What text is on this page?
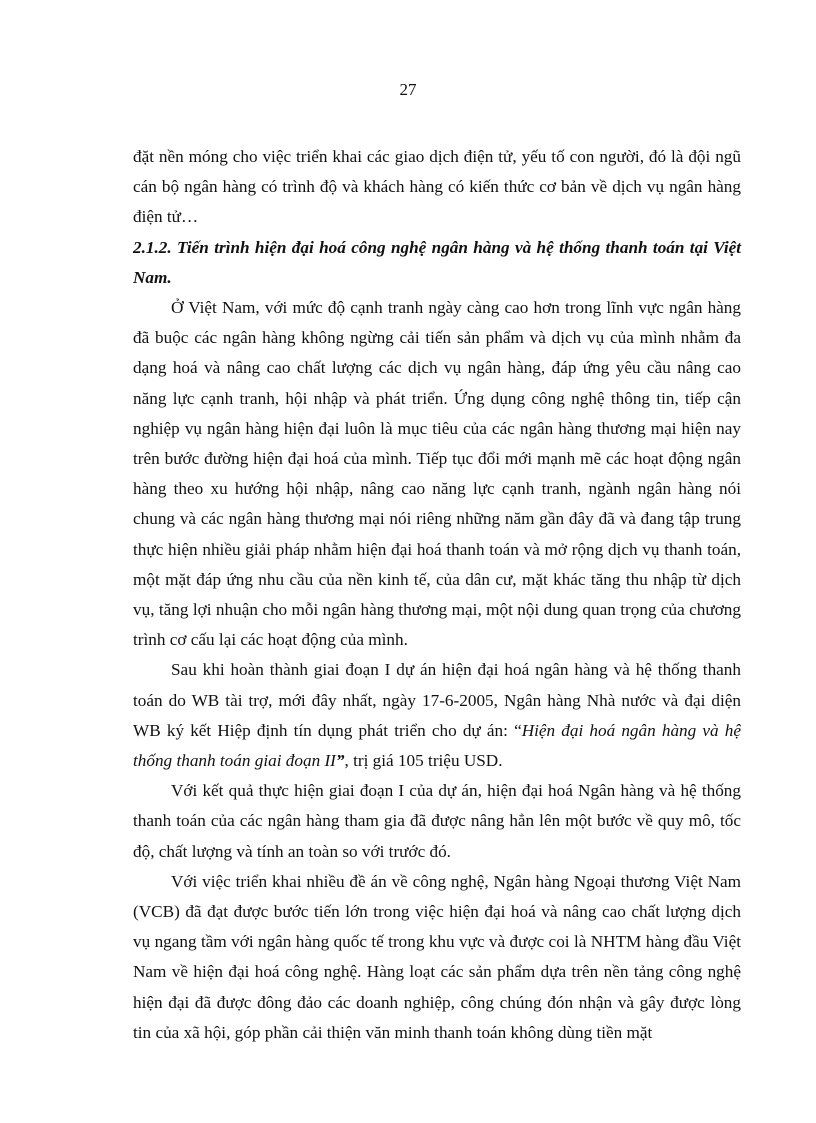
27

đặt nền móng cho việc triển khai các giao dịch điện tử, yếu tố con người, đó là đội ngũ cán bộ ngân hàng có trình độ và khách hàng có kiến thức cơ bản về dịch vụ ngân hàng điện tử…

2.1.2. Tiến trình hiện đại hoá công nghệ ngân hàng và hệ thống thanh toán tại Việt Nam.

Ở Việt Nam, với mức độ cạnh tranh ngày càng cao hơn trong lĩnh vực ngân hàng đã buộc các ngân hàng không ngừng cải tiến sản phẩm và dịch vụ của mình nhằm đa dạng hoá và nâng cao chất lượng các dịch vụ ngân hàng, đáp ứng yêu cầu nâng cao năng lực cạnh tranh, hội nhập và phát triển. Ứng dụng công nghệ thông tin, tiếp cận nghiệp vụ ngân hàng hiện đại luôn là mục tiêu của các ngân hàng thương mại hiện nay trên bước đường hiện đại hoá của mình. Tiếp tục đổi mới mạnh mẽ các hoạt động ngân hàng theo xu hướng hội nhập, nâng cao năng lực cạnh tranh, ngành ngân hàng nói chung và các ngân hàng thương mại nói riêng những năm gần đây đã và đang tập trung thực hiện nhiều giải pháp nhằm hiện đại hoá thanh toán và mở rộng dịch vụ thanh toán, một mặt đáp ứng nhu cầu của nền kinh tế, của dân cư, mặt khác tăng thu nhập từ dịch vụ, tăng lợi nhuận cho mỗi ngân hàng thương mại, một nội dung quan trọng của chương trình cơ cấu lại các hoạt động của mình.

Sau khi hoàn thành giai đoạn I dự án hiện đại hoá ngân hàng và hệ thống thanh toán do WB tài trợ, mới đây nhất, ngày 17-6-2005, Ngân hàng Nhà nước và đại diện WB ký kết Hiệp định tín dụng phát triển cho dự án: “Hiện đại hoá ngân hàng và hệ thống thanh toán giai đoạn II”, trị giá 105 triệu USD.

Với kết quả thực hiện giai đoạn I của dự án, hiện đại hoá Ngân hàng và hệ thống thanh toán của các ngân hàng tham gia đã được nâng hẳn lên một bước về quy mô, tốc độ, chất lượng và tính an toàn so với trước đó.

Với việc triển khai nhiều đề án về công nghệ, Ngân hàng Ngoại thương Việt Nam (VCB) đã đạt được bước tiến lớn trong việc hiện đại hoá và nâng cao chất lượng dịch vụ ngang tầm với ngân hàng quốc tế trong khu vực và được coi là NHTM hàng đầu Việt Nam về hiện đại hoá công nghệ. Hàng loạt các sản phẩm dựa trên nền tảng công nghệ hiện đại đã được đông đảo các doanh nghiệp, công chúng đón nhận và gây được lòng tin của xã hội, góp phần cải thiện văn minh thanh toán không dùng tiền mặt
